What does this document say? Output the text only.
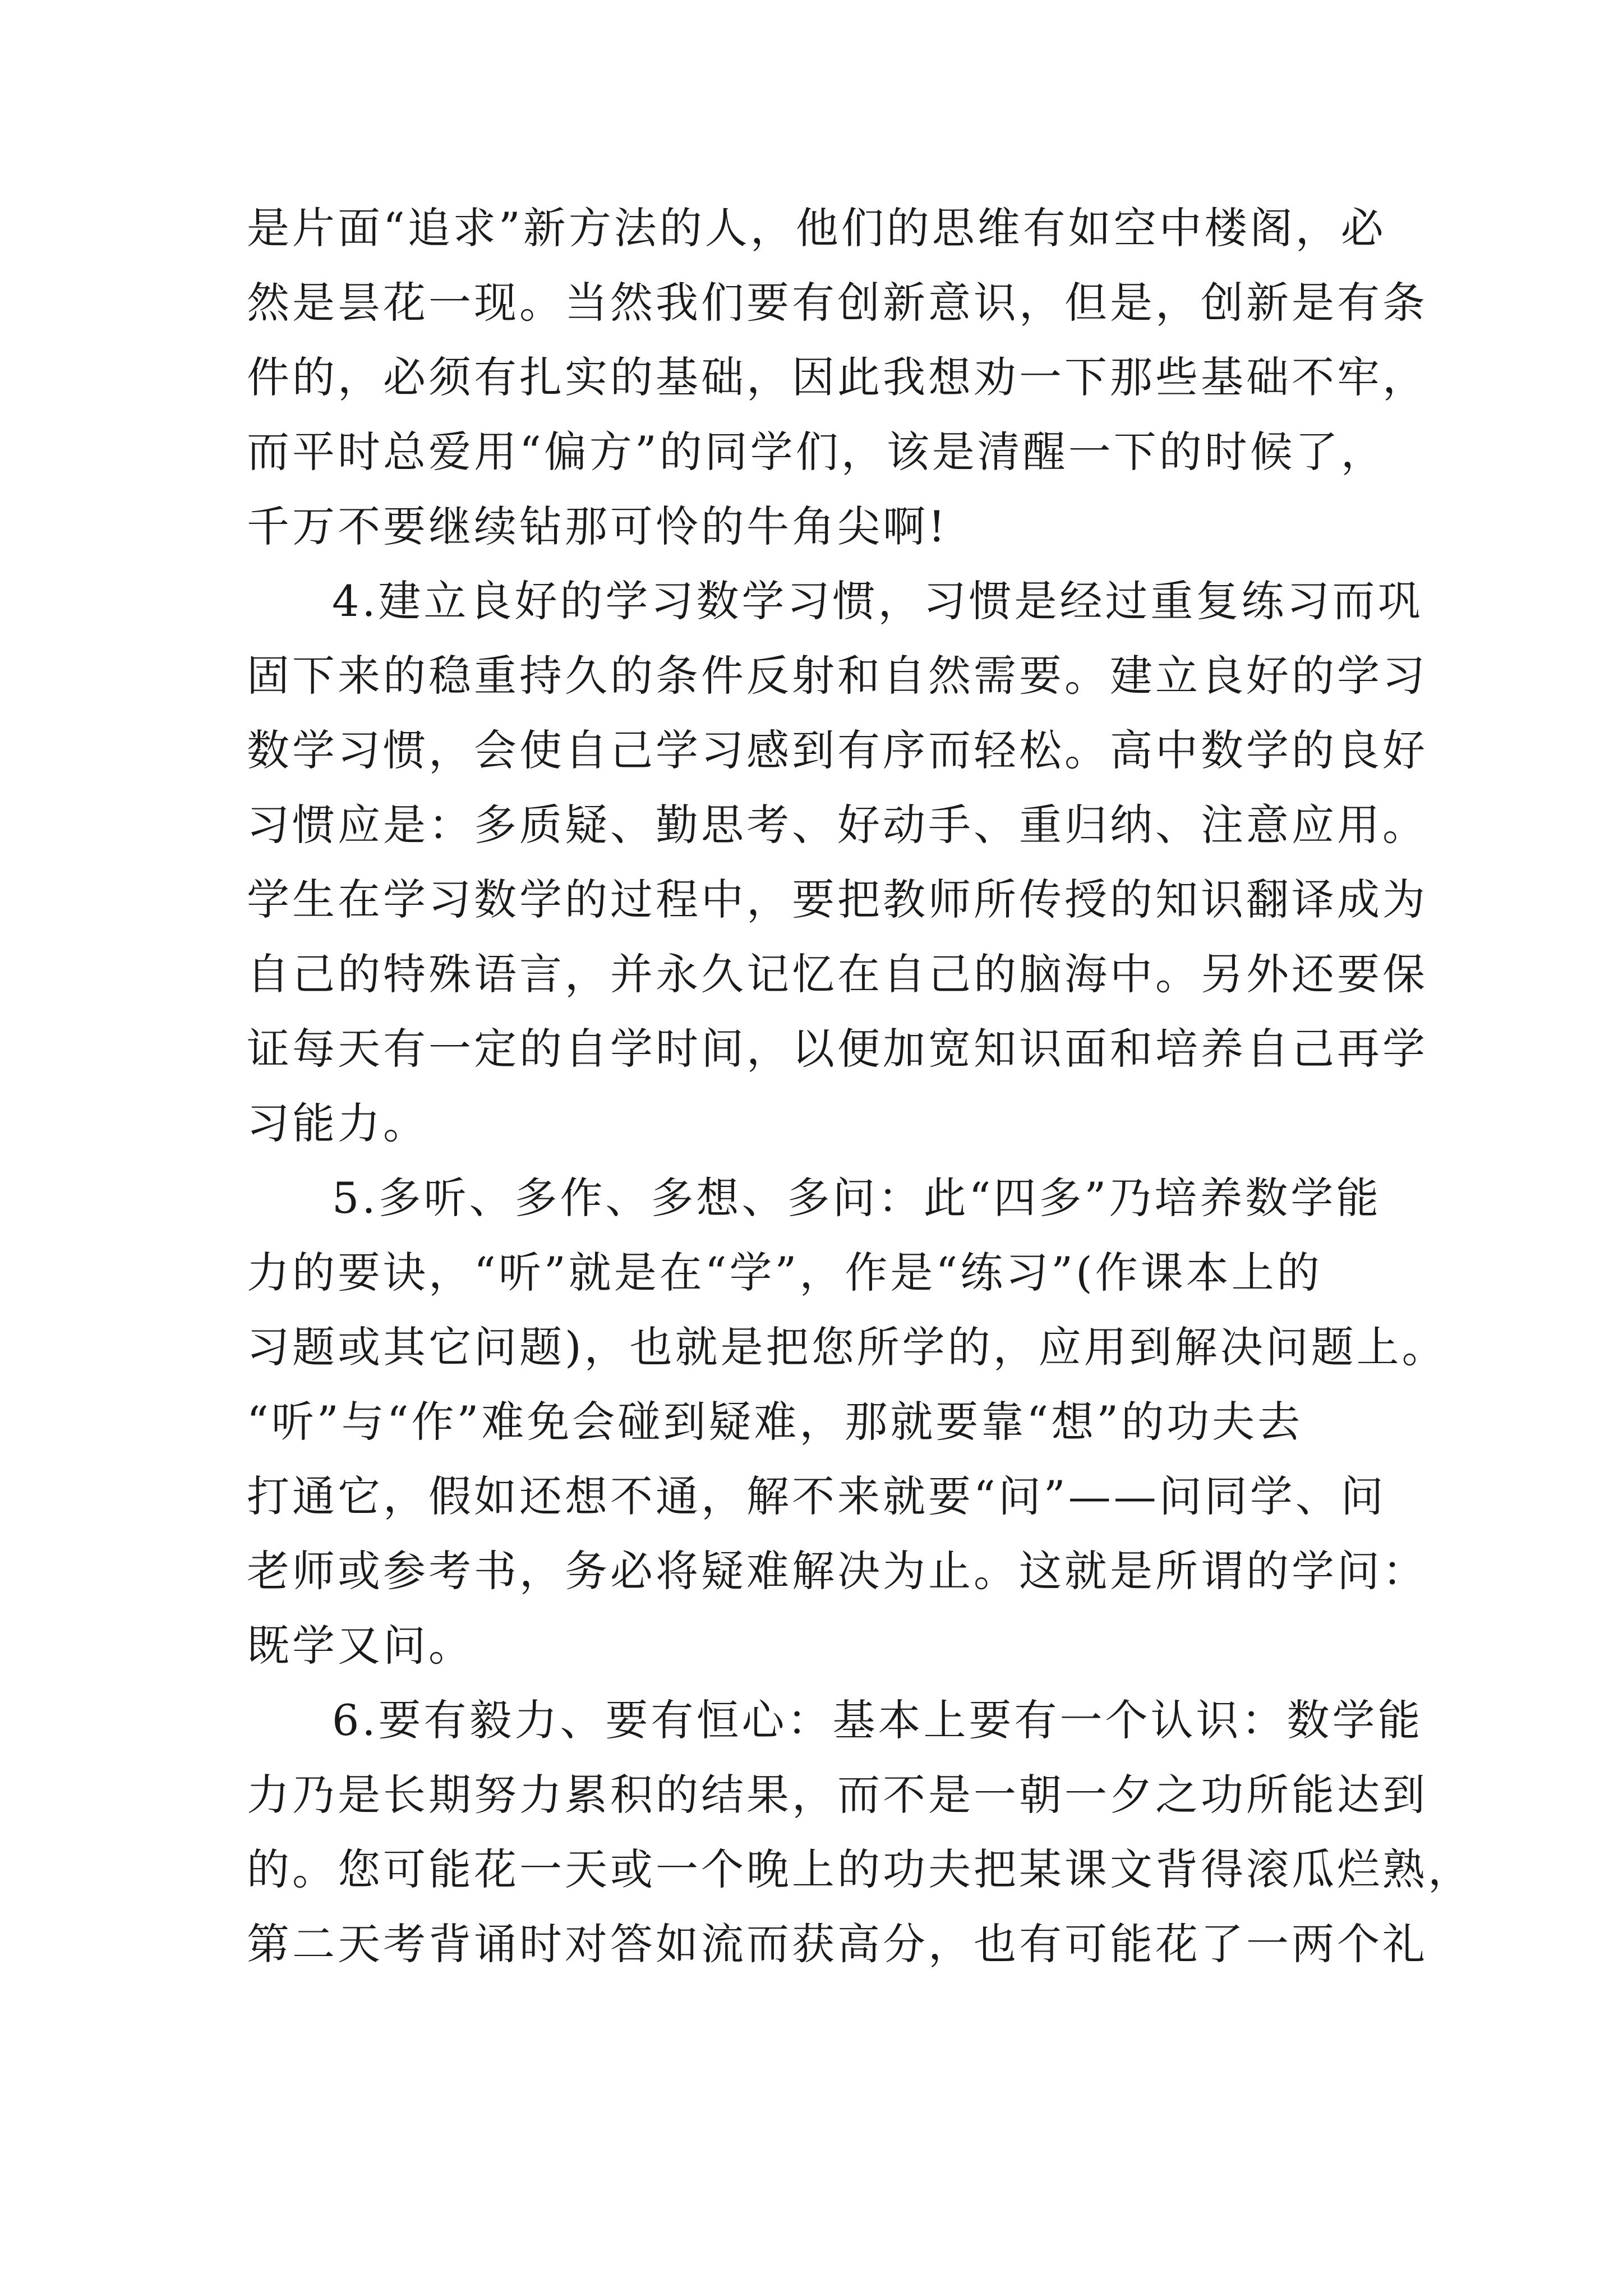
是片面“追求”新方法的人，他们的思维有如空中楼阁，必
然是昙花一现。当然我们要有创新意识，但是，创新是有条
件的，必须有扎实的基础，因此我想劝一下那些基础不牢，
而平时总爱用“偏方”的同学们，该是清醒一下的时候了，
千万不要继续钻那可怜的牛角尖啊!
4.建立良好的学习数学习惯，习惯是经过重复练习而巩
固下来的稳重持久的条件反射和自然需要。建立良好的学习
数学习惯，会使自己学习感到有序而轻松。高中数学的良好
习惯应是：多质疑、勤思考、好动手、重归纳、注意应用。
学生在学习数学的过程中，要把教师所传授的知识翻译成为
自己的特殊语言，并永久记忆在自己的脑海中。另外还要保
证每天有一定的自学时间，以便加宽知识面和培养自己再学
习能力。
5.多听、多作、多想、多问：此“四多”乃培养数学能
力的要诀，“听”就是在“学”，作是“练习”(作课本上的
习题或其它问题)，也就是把您所学的，应用到解决问题上。
“听”与“作”难免会碰到疑难，那就要靠“想”的功夫去
打通它，假如还想不通，解不来就要“问”——问同学、问
老师或参考书，务必将疑难解决为止。这就是所谓的学问：
既学又问。
6.要有毅力、要有恒心：基本上要有一个认识：数学能
力乃是长期努力累积的结果，而不是一朝一夕之功所能达到
的。您可能花一天或一个晚上的功夫把某课文背得滚瓜烂熟，
第二天考背诵时对答如流而获高分，也有可能花了一两个礼
